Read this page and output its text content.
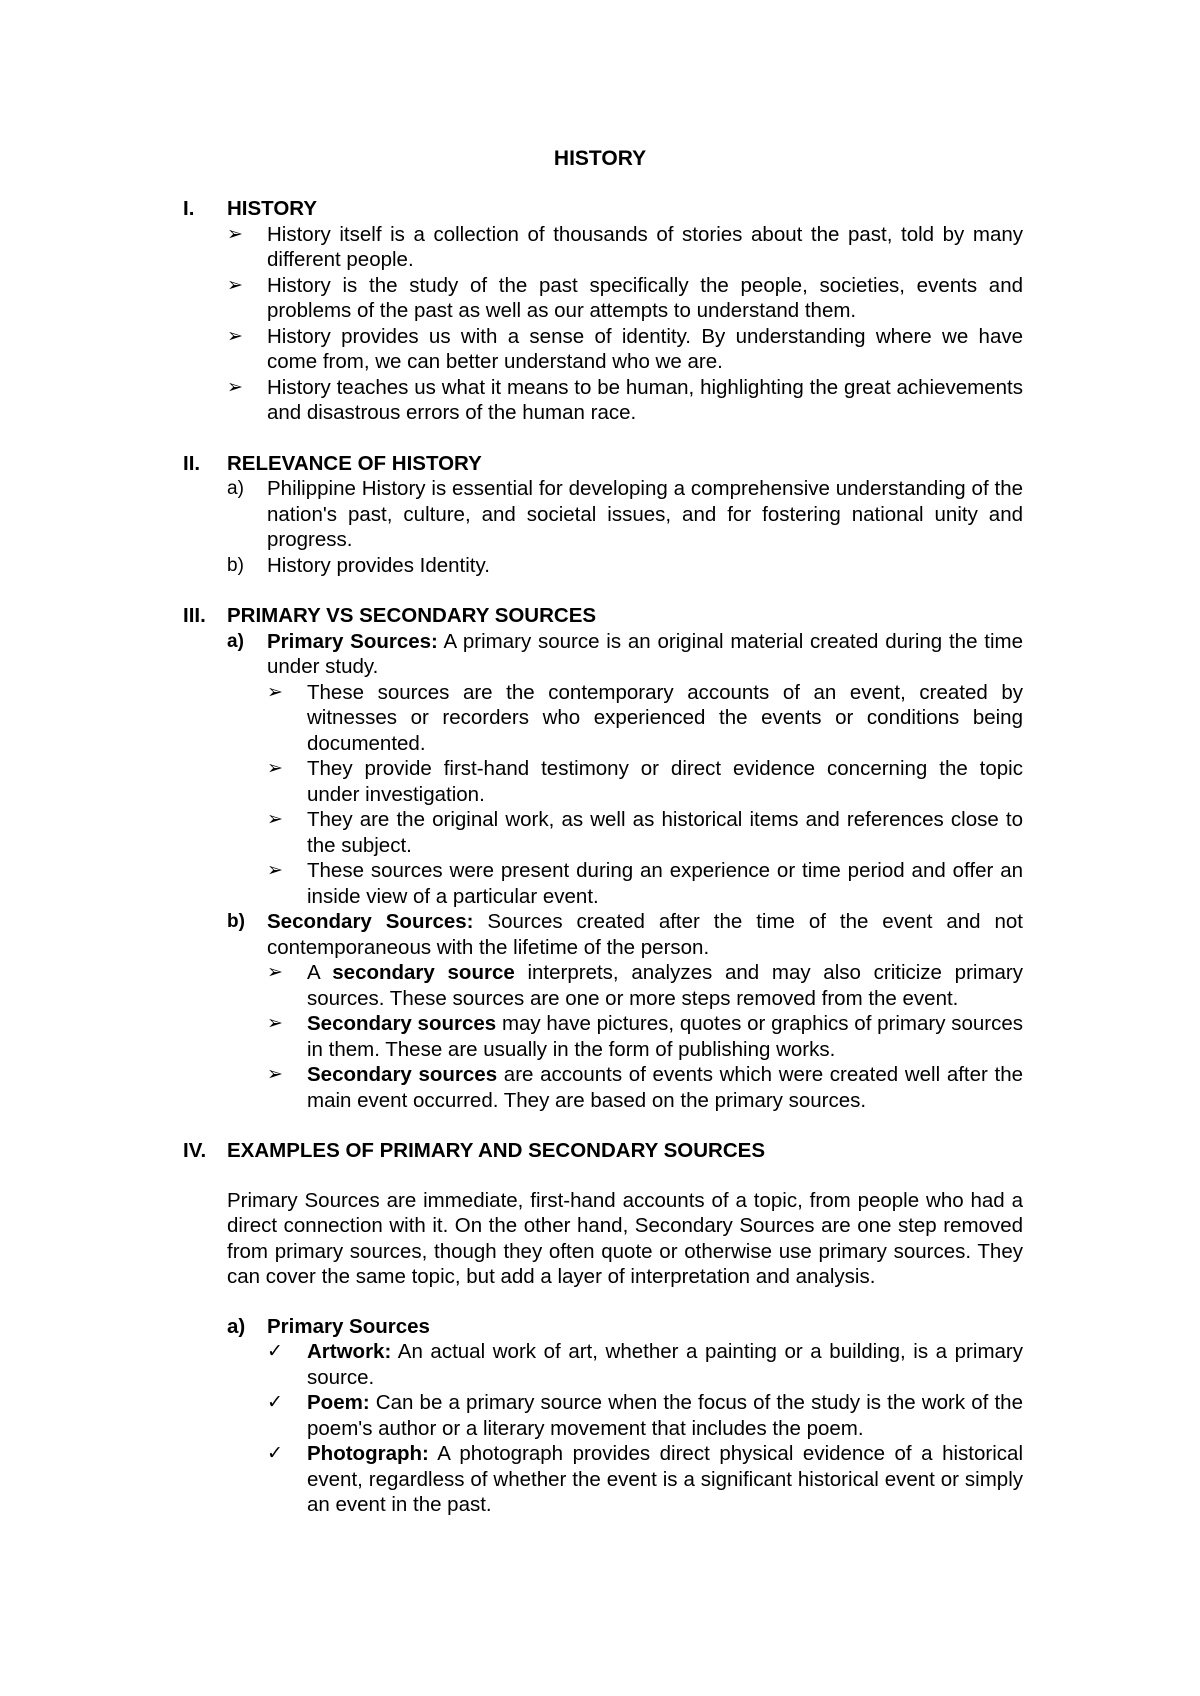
HISTORY
I.	HISTORY
➢	History itself is a collection of thousands of stories about the past, told by many different people.
➢	History is the study of the past specifically the people, societies, events and problems of the past as well as our attempts to understand them.
➢	History provides us with a sense of identity. By understanding where we have come from, we can better understand who we are.
➢	History teaches us what it means to be human, highlighting the great achievements and disastrous errors of the human race.
II.	RELEVANCE OF HISTORY
a)	Philippine History is essential for developing a comprehensive understanding of the nation's past, culture, and societal issues, and for fostering national unity and progress.
b)	History provides Identity.
III.	PRIMARY VS SECONDARY SOURCES
a)	Primary Sources: A primary source is an original material created during the time under study.
➢	These sources are the contemporary accounts of an event, created by witnesses or recorders who experienced the events or conditions being documented.
➢	They provide first-hand testimony or direct evidence concerning the topic under investigation.
➢	They are the original work, as well as historical items and references close to the subject.
➢	These sources were present during an experience or time period and offer an inside view of a particular event.
b)	Secondary Sources: Sources created after the time of the event and not contemporaneous with the lifetime of the person.
➢	A secondary source interprets, analyzes and may also criticize primary sources. These sources are one or more steps removed from the event.
➢	Secondary sources may have pictures, quotes or graphics of primary sources in them. These are usually in the form of publishing works.
➢	Secondary sources are accounts of events which were created well after the main event occurred. They are based on the primary sources.
IV.	EXAMPLES OF PRIMARY AND SECONDARY SOURCES

Primary Sources are immediate, first-hand accounts of a topic, from people who had a direct connection with it. On the other hand, Secondary Sources are one step removed from primary sources, though they often quote or otherwise use primary sources. They can cover the same topic, but add a layer of interpretation and analysis.

a)	Primary Sources
✓	Artwork: An actual work of art, whether a painting or a building, is a primary source.
✓	Poem: Can be a primary source when the focus of the study is the work of the poem's author or a literary movement that includes the poem.
✓	Photograph: A photograph provides direct physical evidence of a historical event, regardless of whether the event is a significant historical event or simply an event in the past.
